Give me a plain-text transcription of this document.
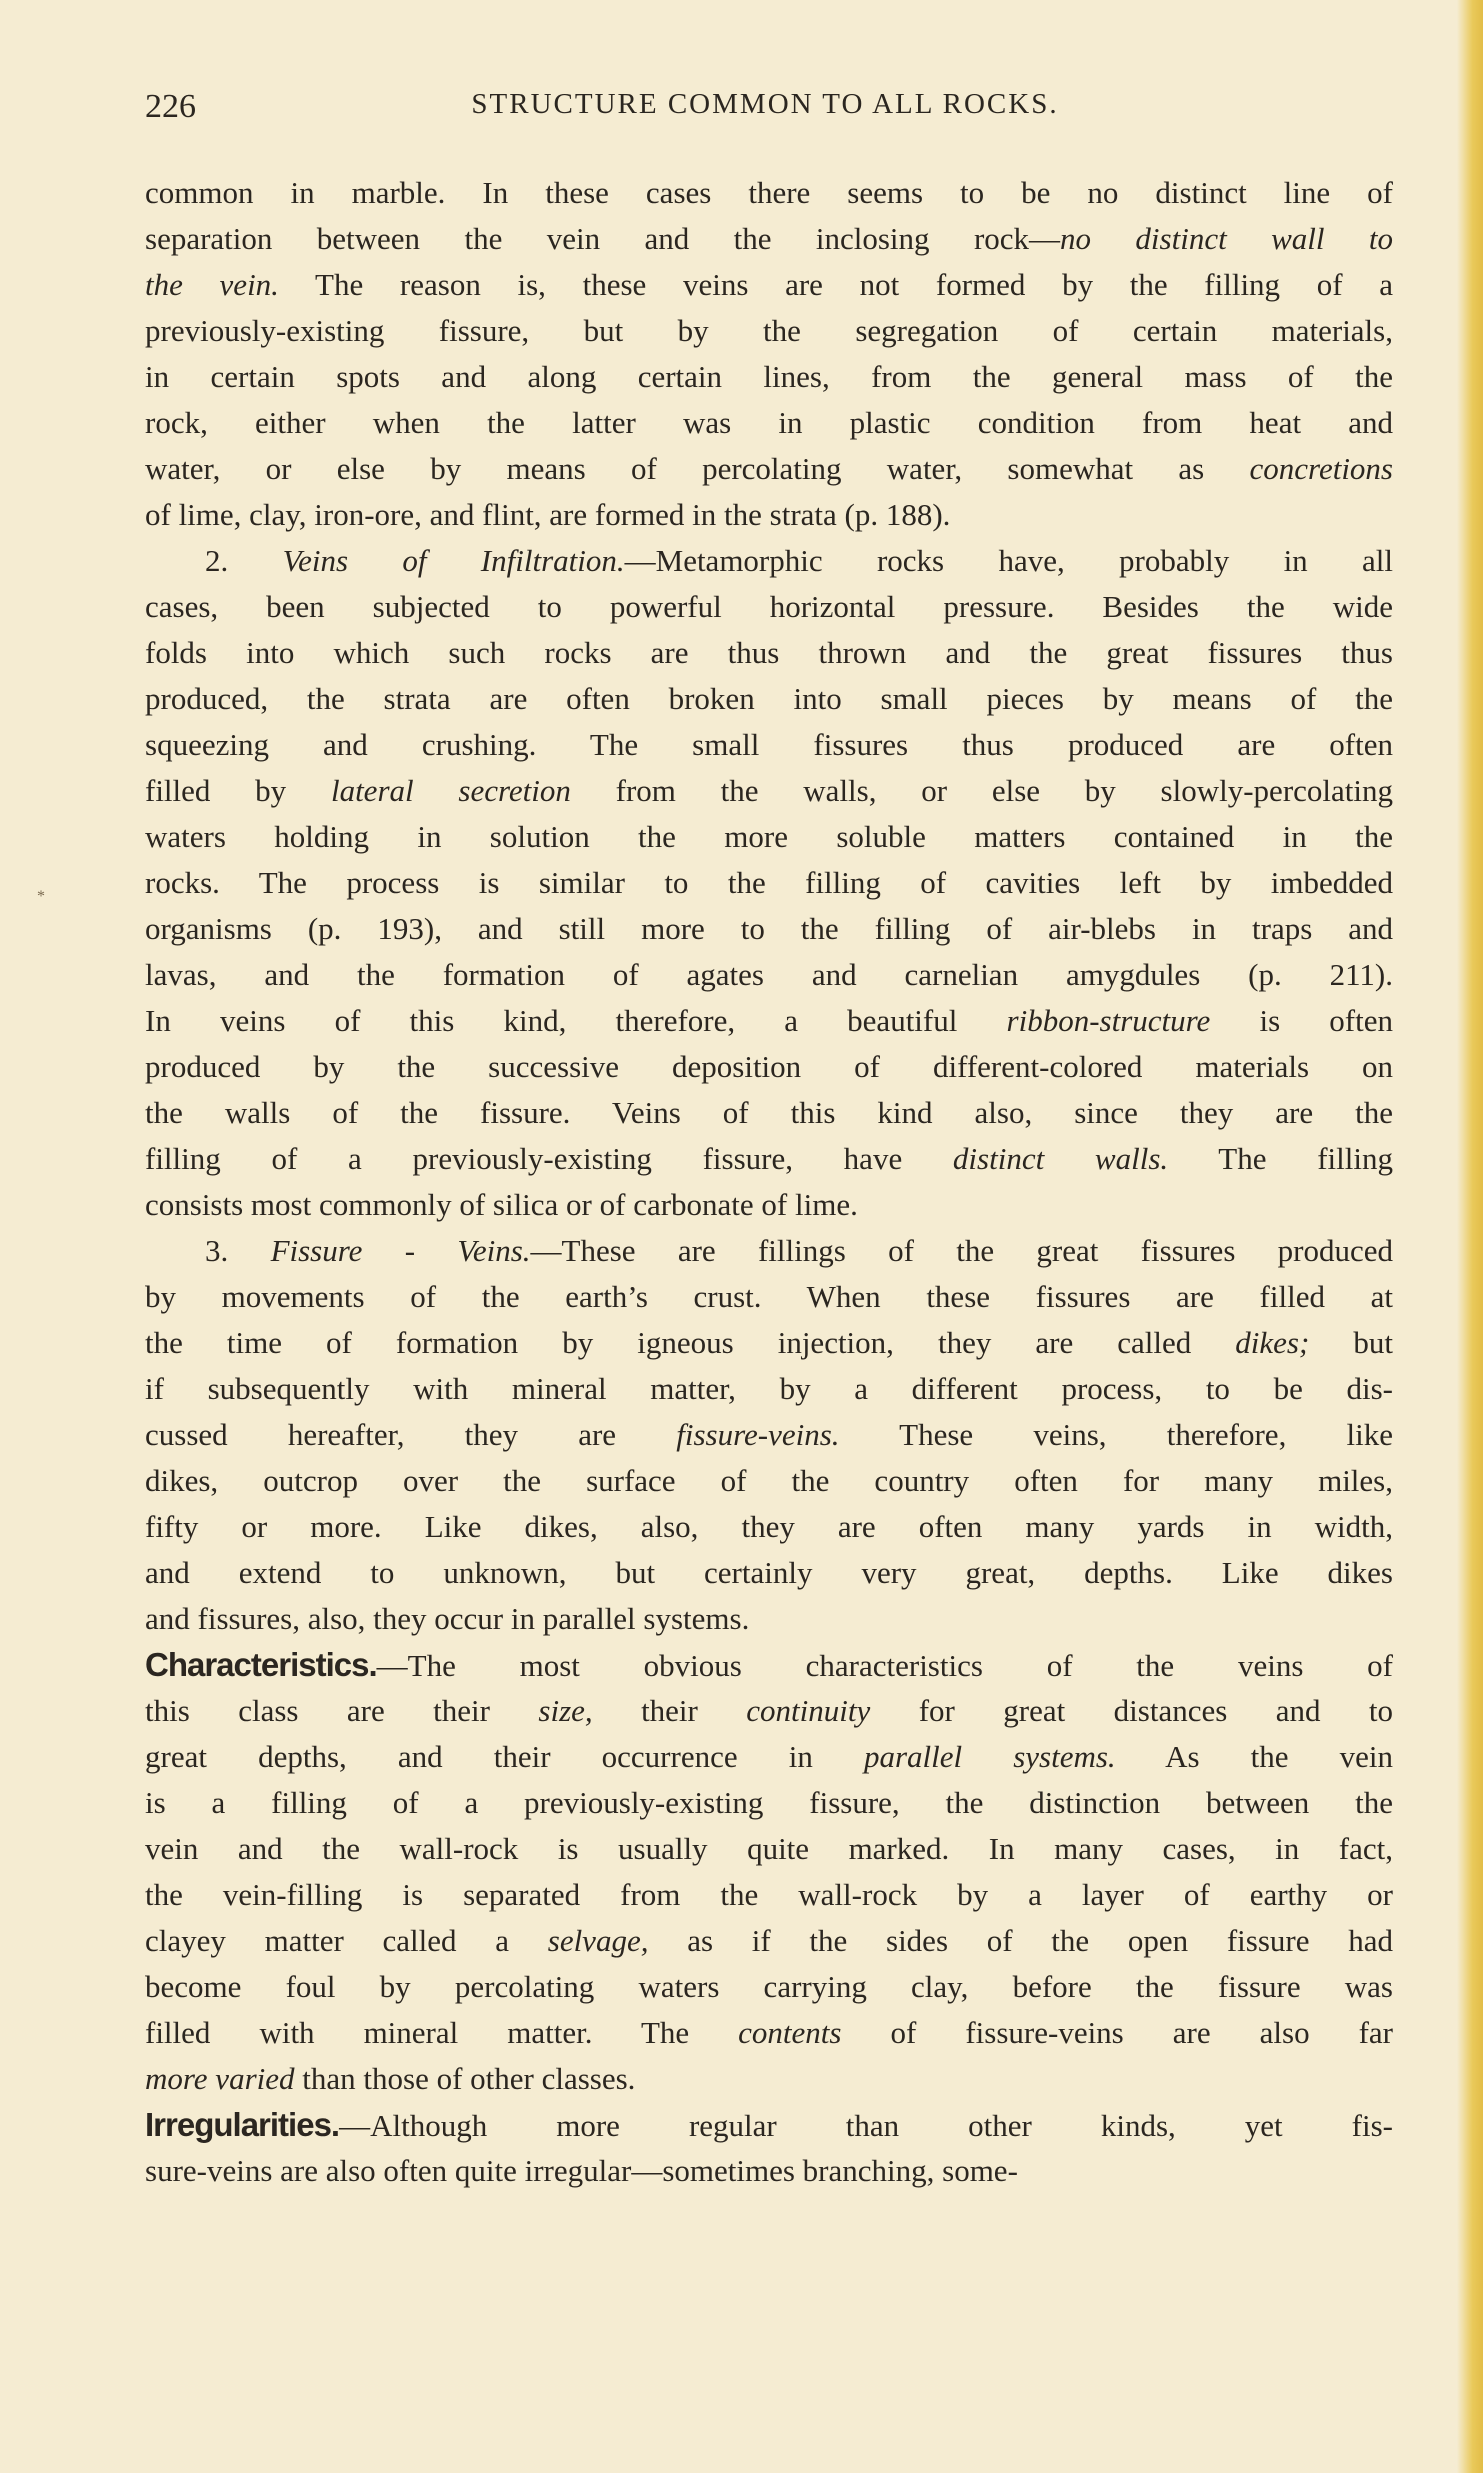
226	STRUCTURE COMMON TO ALL ROCKS.
*
common in marble. In these cases there seems to be no distinct line of
separation between the vein and the inclosing rock—no distinct wall to
the vein. The reason is, these veins are not formed by the filling of a
previously-existing fissure, but by the segregation of certain materials,
in certain spots and along certain lines, from the general mass of the
rock, either when the latter was in plastic condition from heat and
water, or else by means of percolating water, somewhat as concretions
of lime, clay, iron-ore, and flint, are formed in the strata (p. 188).
2. Veins of Infiltration.—Metamorphic rocks have, probably in all
cases, been subjected to powerful horizontal pressure. Besides the wide
folds into which such rocks are thus thrown and the great fissures thus
produced, the strata are often broken into small pieces by means of the
squeezing and crushing. The small fissures thus produced are often
filled by lateral secretion from the walls, or else by slowly-percolating
waters holding in solution the more soluble matters contained in the
rocks. The process is similar to the filling of cavities left by imbedded
organisms (p. 193), and still more to the filling of air-blebs in traps and
lavas, and the formation of agates and carnelian amygdules (p. 211).
In veins of this kind, therefore, a beautiful ribbon-structure is often
produced by the successive deposition of different-colored materials on
the walls of the fissure. Veins of this kind also, since they are the
filling of a previously-existing fissure, have distinct walls. The filling
consists most commonly of silica or of carbonate of lime.
3. Fissure - Veins.—These are fillings of the great fissures produced
by movements of the earth’s crust. When these fissures are filled at
the time of formation by igneous injection, they are called dikes; but
if subsequently with mineral matter, by a different process, to be dis-
cussed hereafter, they are fissure-veins. These veins, therefore, like
dikes, outcrop over the surface of the country often for many miles,
fifty or more. Like dikes, also, they are often many yards in width,
and extend to unknown, but certainly very great, depths. Like dikes
and fissures, also, they occur in parallel systems.
Characteristics.—The most obvious characteristics of the veins of
this class are their size, their continuity for great distances and to
great depths, and their occurrence in parallel systems. As the vein
is a filling of a previously-existing fissure, the distinction between the
vein and the wall-rock is usually quite marked. In many cases, in fact,
the vein-filling is separated from the wall-rock by a layer of earthy or
clayey matter called a selvage, as if the sides of the open fissure had
become foul by percolating waters carrying clay, before the fissure was
filled with mineral matter. The contents of fissure-veins are also far
more varied than those of other classes.
Irregularities.—Although more regular than other kinds, yet fis-
sure-veins are also often quite irregular—sometimes branching, some-
